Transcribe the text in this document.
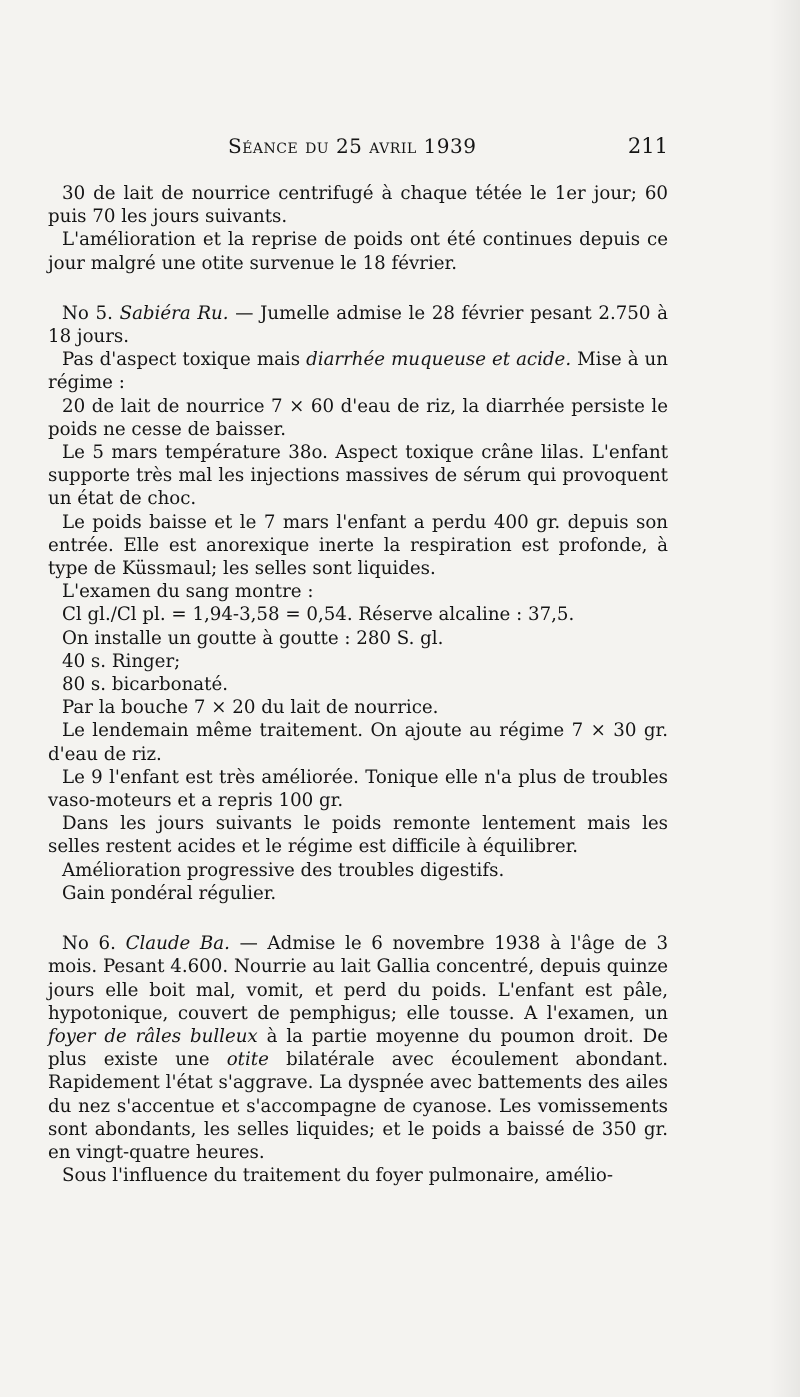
Séance du 25 avril 1939	211

30 de lait de nourrice centrifugé à chaque tétée le 1er jour; 60 puis 70 les jours suivants.

L'amélioration et la reprise de poids ont été continues depuis ce jour malgré une otite survenue le 18 février.

No 5. Sabiéra Ru. — Jumelle admise le 28 février pesant 2.750 à 18 jours.

Pas d'aspect toxique mais diarrhée muqueuse et acide. Mise à un régime :

20 de lait de nourrice 7 × 60 d'eau de riz, la diarrhée persiste le poids ne cesse de baisser.

Le 5 mars température 38o. Aspect toxique crâne lilas. L'enfant supporte très mal les injections massives de sérum qui provoquent un état de choc.

Le poids baisse et le 7 mars l'enfant a perdu 400 gr. depuis son entrée. Elle est anorexique inerte la respiration est profonde, à type de Küssmaul; les selles sont liquides.

L'examen du sang montre :

Cl gl./Cl pl. = 1,94-3,58 = 0,54. Réserve alcaline : 37,5.

On installe un goutte à goutte : 280 S. gl.

40 s. Ringer;

80 s. bicarbonaté.

Par la bouche 7 × 20 du lait de nourrice.

Le lendemain même traitement. On ajoute au régime 7 × 30 gr. d'eau de riz.

Le 9 l'enfant est très améliorée. Tonique elle n'a plus de troubles vaso-moteurs et a repris 100 gr.

Dans les jours suivants le poids remonte lentement mais les selles restent acides et le régime est difficile à équilibrer.

Amélioration progressive des troubles digestifs.

Gain pondéral régulier.

No 6. Claude Ba. — Admise le 6 novembre 1938 à l'âge de 3 mois. Pesant 4.600. Nourrie au lait Gallia concentré, depuis quinze jours elle boit mal, vomit, et perd du poids. L'enfant est pâle, hypotonique, couvert de pemphigus; elle tousse. A l'examen, un foyer de râles bulleux à la partie moyenne du poumon droit. De plus existe une otite bilatérale avec écoulement abondant. Rapidement l'état s'aggrave. La dyspnée avec battements des ailes du nez s'accentue et s'accompagne de cyanose. Les vomissements sont abondants, les selles liquides; et le poids a baissé de 350 gr. en vingt-quatre heures.

Sous l'influence du traitement du foyer pulmonaire, amélio-
